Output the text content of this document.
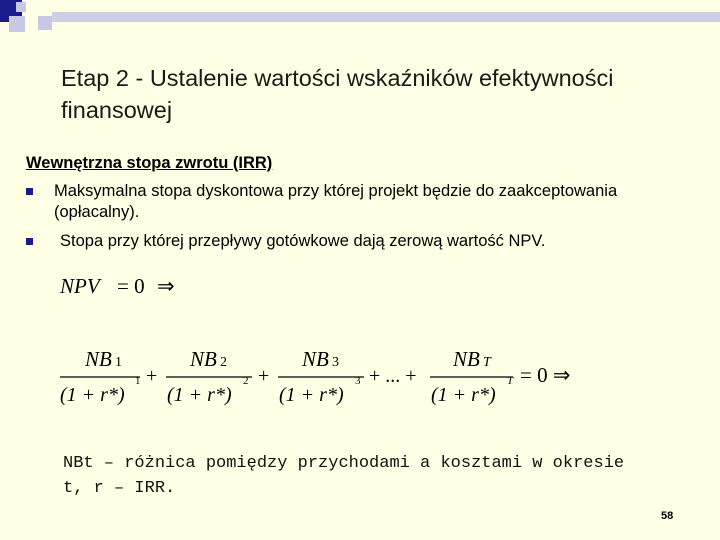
Etap 2 - Ustalenie wartości wskaźników efektywności finansowej
Wewnętrzna stopa zwrotu (IRR)
Maksymalna stopa dyskontowa przy której projekt będzie do zaakceptowania (opłacalny).
Stopa przy której przepływy gotówkowe dają zerową wartość NPV.
NPV = 0 ⇒
NB 1
(1 + r*)
1 +
NB 2
(1 + r*)
2 +
NB 3
(1 + r*)
3 + ... +
NB T
(1 + r*)
T = 0 ⇒
NBt – różnica pomiędzy przychodami a kosztami w okresie
t, r – IRR.
58
